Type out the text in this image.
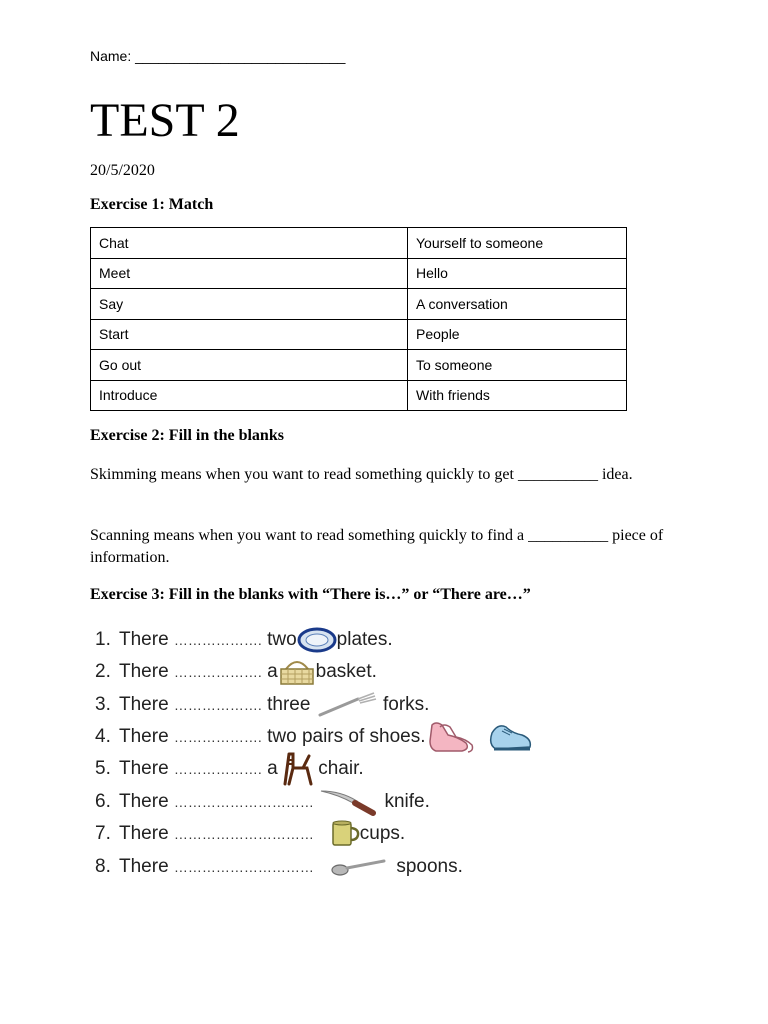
Name: ___________________________
TEST 2
20/5/2020
Exercise 1: Match
Chat	Yourself to someone
Meet	Hello
Say	A conversation
Start	People
Go out	To someone
Introduce	With friends
Exercise 2: Fill in the blanks

Skimming means when you want to read something quickly to get __________ idea.

Scanning means when you want to read something quickly to find a __________ piece of information.

Exercise 3: Fill in the blanks with “There is…” or “There are…”
1. There
……………….
two plates.
2. There
……………….
a basket.
3. There
……………….
three

	forks.
4. There
……………….
two pairs of shoes.
5. There
……………….
a

chair.
6. There
…………………………

	knife.
7. There
…………………………
cups.
8. There
…………………………

	spoons.
